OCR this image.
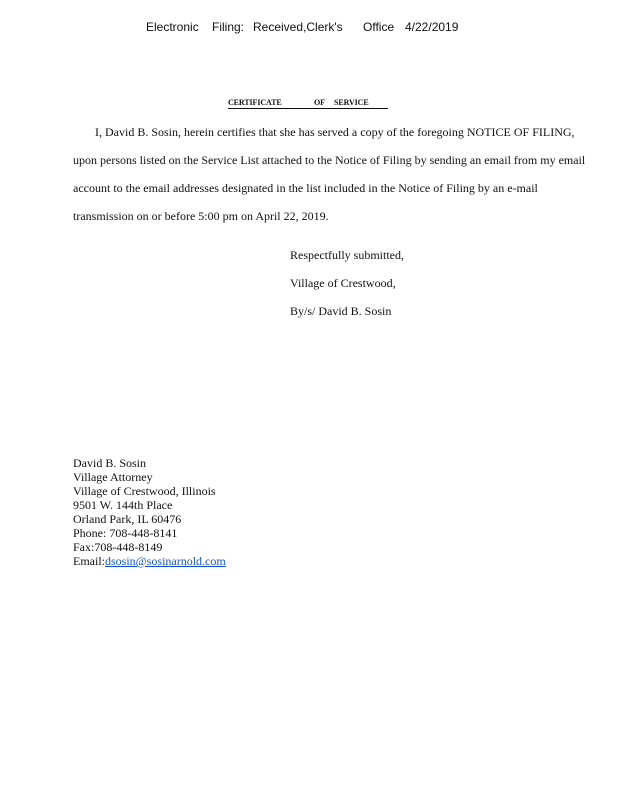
Electronic Filing: Received,Clerk's Office 4/22/2019
CERTIFICATE	OF SERVICE

I, David B. Sosin, herein certifies that she has served a copy of the foregoing NOTICE OF FILING, upon persons listed on the Service List attached to the Notice of Filing by sending an email from my email account to the email addresses designated in the list included in the Notice of Filing by an e-mail transmission on or before 5:00 pm on April 22, 2019.

Respectfully submitted,
Village of Crestwood,
By/s/ David B. Sosin
David B. Sosin
Village Attorney
Village of Crestwood, Illinois
9501 W. 144th Place
Orland Park, IL 60476
Phone: 708-448-8141
Fax:708-448-8149
Email:dsosin@sosinarnold.com
